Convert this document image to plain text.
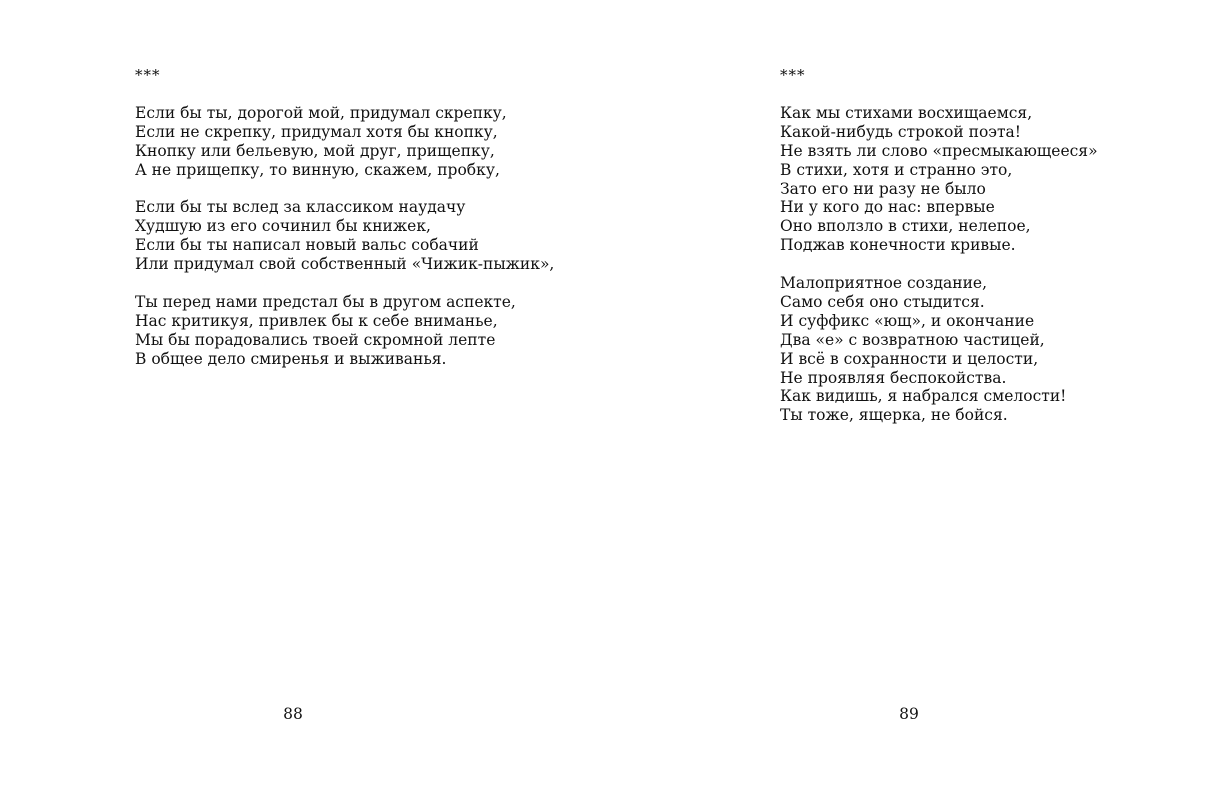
***
Если бы ты, дорогой мой, придумал скрепку,
Если не скрепку, придумал хотя бы кнопку,
Кнопку или бельевую, мой друг, прищепку,
А не прищепку, то винную, скажем, пробку,
Если бы ты вслед за классиком наудачу
Худшую из его сочинил бы книжек,
Если бы ты написал новый вальс собачий
Или придумал свой собственный «Чижик-пыжик»,
Ты перед нами предстал бы в другом аспекте,
Нас критикуя, привлек бы к себе вниманье,
Мы бы порадовались твоей скромной лепте
В общее дело смиренья и выживанья.
88
***
Как мы стихами восхищаемся,
Какой-нибудь строкой поэта!
Не взять ли слово «пресмыкающееся»
В стихи, хотя и странно это,
Зато его ни разу не было
Ни у кого до нас: впервые
Оно вползло в стихи, нелепое,
Поджав конечности кривые.
Малоприятное создание,
Само себя оно стыдится.
И суффикс «ющ», и окончание
Два «е» с возвратною частицей,
И всё в сохранности и целости,
Не проявляя беспокойства.
Как видишь, я набрался смелости!
Ты тоже, ящерка, не бойся.
89
